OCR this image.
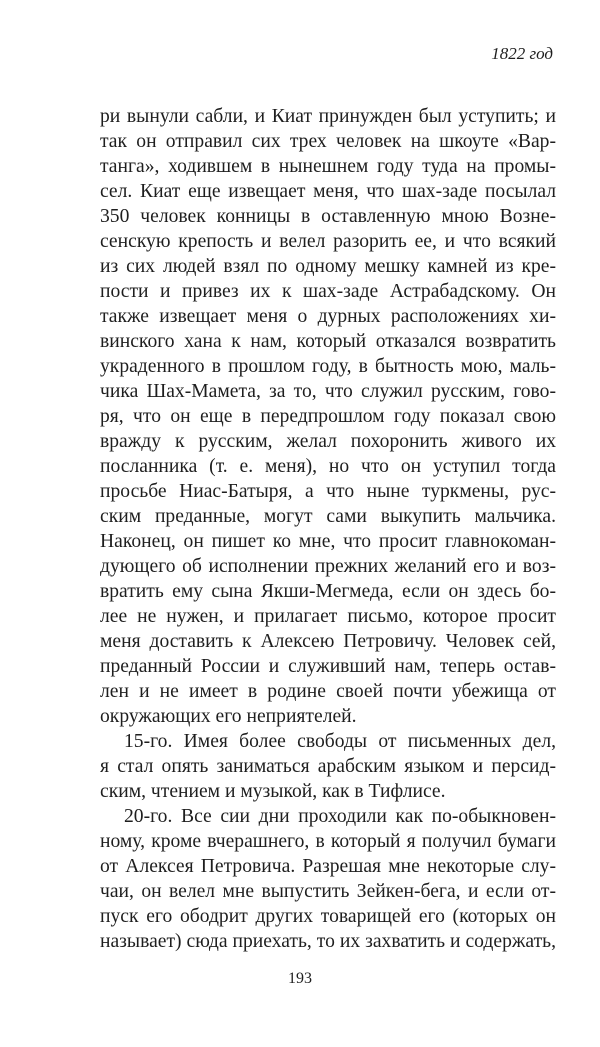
1822 год
ри вынули сабли, и Киат принужден был уступить; и
так он отправил сих трех человек на шкоуте «Вар-
танга», ходившем в нынешнем году туда на промы-
сел. Киат еще извещает меня, что шах-заде посылал
350 человек конницы в оставленную мною Возне-
сенскую крепость и велел разорить ее, и что всякий
из сих людей взял по одному мешку камней из кре-
пости и привез их к шах-заде Астрабадскому. Он
также извещает меня о дурных расположениях хи-
винского хана к нам, который отказался возвратить
украденного в прошлом году, в бытность мою, маль-
чика Шах-Мамета, за то, что служил русским, гово-
ря, что он еще в передпрошлом году показал свою
вражду к русским, желал похоронить живого их
посланника (т. е. меня), но что он уступил тогда
просьбе Ниас-Батыря, а что ныне туркмены, рус-
ским преданные, могут сами выкупить мальчика.
Наконец, он пишет ко мне, что просит главнокоман-
дующего об исполнении прежних желаний его и воз-
вратить ему сына Якши-Мегмеда, если он здесь бо-
лее не нужен, и прилагает письмо, которое просит
меня доставить к Алексею Петровичу. Человек сей,
преданный России и служивший нам, теперь остав-
лен и не имеет в родине своей почти убежища от
окружающих его неприятелей.
15-го. Имея более свободы от письменных дел,
я стал опять заниматься арабским языком и персид-
ским, чтением и музыкой, как в Тифлисе.
20-го. Все сии дни проходили как по-обыкновен-
ному, кроме вчерашнего, в который я получил бумаги
от Алексея Петровича. Разрешая мне некоторые слу-
чаи, он велел мне выпустить Зейкен-бега, и если от-
пуск его ободрит других товарищей его (которых он
называет) сюда приехать, то их захватить и содержать,
193
